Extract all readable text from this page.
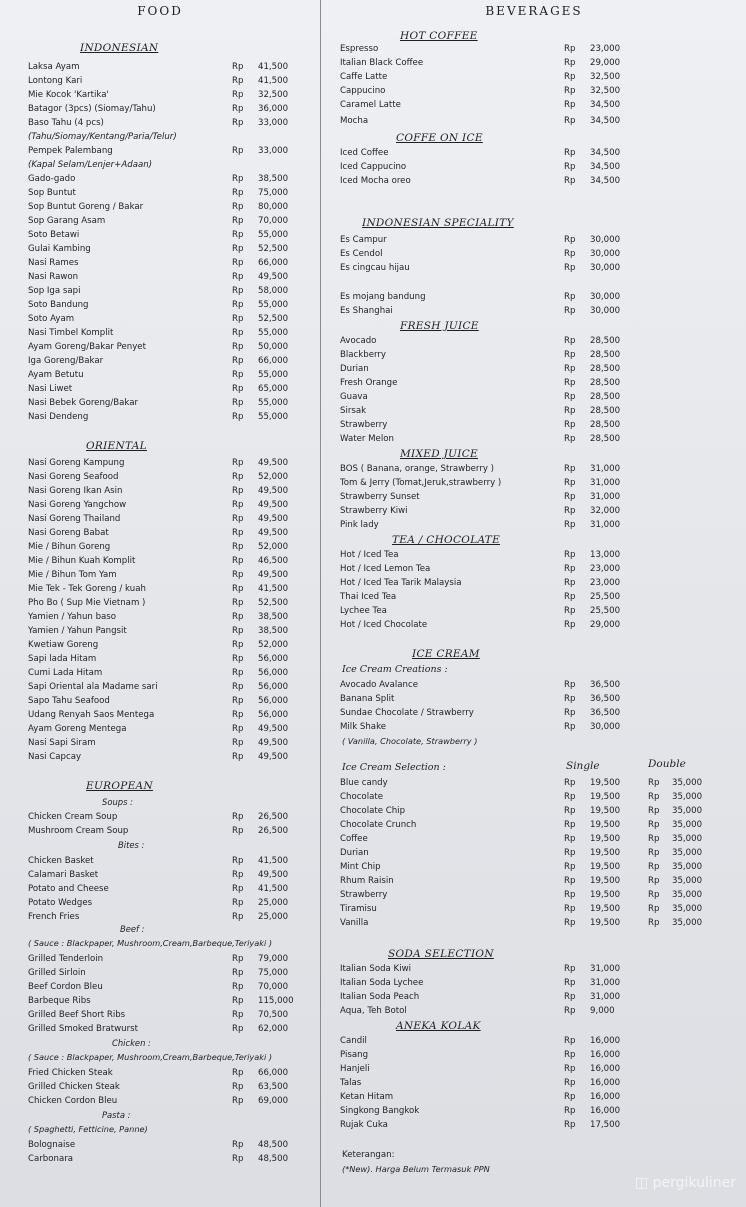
FOOD
INDONESIAN
Laksa Ayam	Rp 41,500
Lontong Kari	Rp 41,500
Mie Kocok 'Kartika'	Rp 32,500
Batagor (3pcs) (Siomay/Tahu)	Rp 36,000
Baso Tahu (4 pcs)	Rp 33,000
(Tahu/Siomay/Kentang/Paria/Telur)
Pempek Palembang	Rp 33,000
(Kapal Selam/Lenjer+Adaan)
Gado-gado	Rp 38,500
Sop Buntut	Rp 75,000
Sop Buntut Goreng / Bakar	Rp 80,000
Sop Garang Asam	Rp 70,000
Soto Betawi	Rp 55,000
Gulai Kambing	Rp 52,500
Nasi Rames	Rp 66,000
Nasi Rawon	Rp 49,500
Sop Iga sapi	Rp 58,000
Soto Bandung	Rp 55,000
Soto Ayam	Rp 52,500
Nasi Timbel Komplit	Rp 55,000
Ayam Goreng/Bakar Penyet	Rp 50,000
Iga Goreng/Bakar	Rp 66,000
Ayam Betutu	Rp 55,000
Nasi Liwet	Rp 65,000
Nasi Bebek Goreng/Bakar	Rp 55,000
Nasi Dendeng	Rp 55,000
ORIENTAL
Nasi Goreng Kampung	Rp 49,500
Nasi Goreng Seafood	Rp 52,000
Nasi Goreng Ikan Asin	Rp 49,500
Nasi Goreng Yangchow	Rp 49,500
Nasi Goreng Thailand	Rp 49,500
Nasi Goreng Babat	Rp 49,500
Mie / Bihun Goreng	Rp 52,000
Mie / Bihun Kuah Komplit	Rp 46,500
Mie / Bihun Tom Yam	Rp 49,500
Mie Tek - Tek Goreng / kuah	Rp 41,500
Pho Bo ( Sup Mie Vietnam )	Rp 52,500
Yamien / Yahun baso	Rp 38,500
Yamien / Yahun Pangsit	Rp 38,500
Kwetiaw Goreng	Rp 52,000
Sapi lada Hitam	Rp 56,000
Cumi Lada Hitam	Rp 56,000
Sapi Oriental ala Madame sari	Rp 56,000
Sapo Tahu Seafood	Rp 56,000
Udang Renyah Saos Mentega	Rp 56,000
Ayam Goreng Mentega	Rp 49,500
Nasi Sapi Siram	Rp 49,500
Nasi Capcay	Rp 49,500
EUROPEAN
Soups :
Chicken Cream Soup	Rp 26,500
Mushroom Cream Soup	Rp 26,500
Bites :
Chicken Basket	Rp 41,500
Calamari Basket	Rp 49,500
Potato and Cheese	Rp 41,500
Potato Wedges	Rp 25,000
French Fries	Rp 25,000
Beef :
( Sauce : Blackpaper, Mushroom,Cream,Barbeque,Teriyaki )
Grilled Tenderloin	Rp 79,000
Grilled Sirloin	Rp 75,000
Beef Cordon Bleu	Rp 70,000
Barbeque Ribs	Rp 115,000
Grilled Beef Short Ribs	Rp 70,500
Grilled Smoked Bratwurst	Rp 62,000
Chicken :
( Sauce : Blackpaper, Mushroom,Cream,Barbeque,Teriyaki )
Fried Chicken Steak	Rp 66,000
Grilled Chicken Steak	Rp 63,500
Chicken Cordon Bleu	Rp 69,000
Pasta :
( Spaghetti, Fetticine, Panne)
Bolognaise	Rp 48,500
Carbonara	Rp 48,500
BEVERAGES
HOT COFFEE
Espresso	Rp 23,000
Italian Black Coffee	Rp 29,000
Caffe Latte	Rp 32,500
Cappucino	Rp 32,500
Caramel Latte	Rp 34,500
Mocha	Rp 34,500
COFFE ON ICE
Iced Coffee	Rp 34,500
Iced Cappucino	Rp 34,500
Iced Mocha oreo	Rp 34,500
INDONESIAN SPECIALITY
Es Campur	Rp 30,000
Es Cendol	Rp 30,000
Es cingcau hijau	Rp 30,000
Es mojang bandung	Rp 30,000
Es Shanghai	Rp 30,000
FRESH JUICE
Avocado	Rp 28,500
Blackberry	Rp 28,500
Durian	Rp 28,500
Fresh Orange	Rp 28,500
Guava	Rp 28,500
Sirsak	Rp 28,500
Strawberry	Rp 28,500
Water Melon	Rp 28,500
MIXED JUICE
BOS ( Banana, orange, Strawberry )	Rp 31,000
Tom & Jerry (Tomat,Jeruk,strawberry )	Rp 31,000
Strawberry Sunset	Rp 31,000
Strawberry Kiwi	Rp 32,000
Pink lady	Rp 31,000
TEA / CHOCOLATE
Hot / Iced Tea	Rp 13,000
Hot / Iced Lemon Tea	Rp 23,000
Hot / Iced Tea Tarik Malaysia	Rp 23,000
Thai Iced Tea	Rp 25,500
Lychee Tea	Rp 25,500
Hot / Iced Chocolate	Rp 29,000
ICE CREAM
Ice Cream Creations :
Avocado Avalance	Rp 36,500
Banana Split	Rp 36,500
Sundae Chocolate / Strawberry	Rp 36,500
Milk Shake	Rp 30,000
( Vanilla, Chocolate, Strawberry )
Ice Cream Selection :	Single	Double
Blue candy	Rp 19,500	Rp 35,000
Chocolate	Rp 19,500	Rp 35,000
Chocolate Chip	Rp 19,500	Rp 35,000
Chocolate Crunch	Rp 19,500	Rp 35,000
Coffee	Rp 19,500	Rp 35,000
Durian	Rp 19,500	Rp 35,000
Mint Chip	Rp 19,500	Rp 35,000
Rhum Raisin	Rp 19,500	Rp 35,000
Strawberry	Rp 19,500	Rp 35,000
Tiramisu	Rp 19,500	Rp 35,000
Vanilla	Rp 19,500	Rp 35,000
SODA SELECTION
Italian Soda Kiwi	Rp 31,000
Italian Soda Lychee	Rp 31,000
Italian Soda Peach	Rp 31,000
Aqua, Teh Botol	Rp 9,000
ANEKA KOLAK
Candil	Rp 16,000
Pisang	Rp 16,000
Hanjeli	Rp 16,000
Talas	Rp 16,000
Ketan Hitam	Rp 16,000
Singkong Bangkok	Rp 16,000
Rujak Cuka	Rp 17,500
Keterangan:
(*New). Harga Belum Termasuk PPN
◫ pergikuliner
